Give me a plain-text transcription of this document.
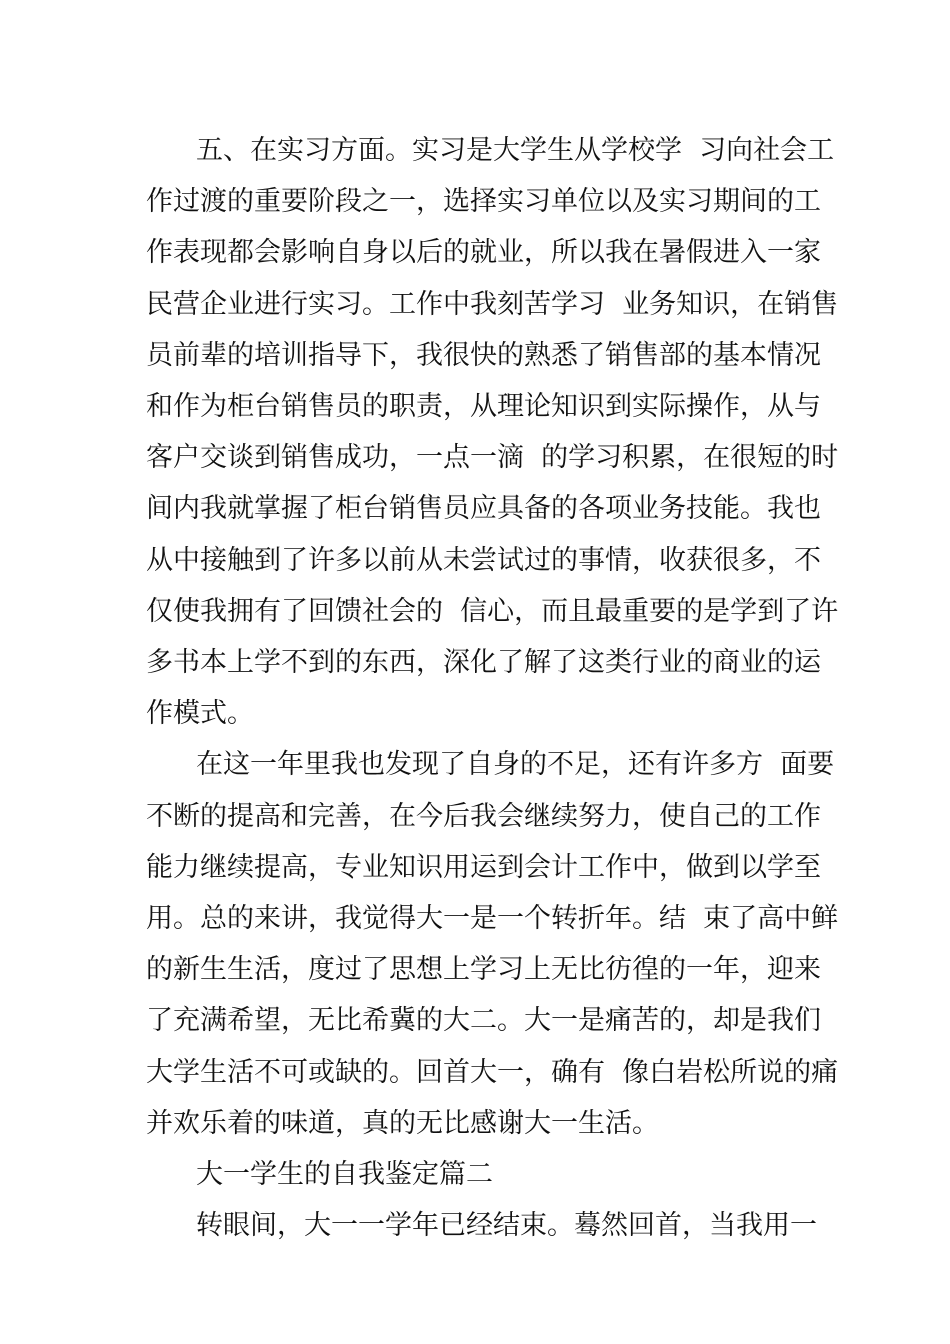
五、在实习方面。实习是大学生从学校学  习向社会工
作过渡的重要阶段之一，选择实习单位以及实习期间的工
作表现都会影响自身以后的就业，所以我在暑假进入一家
民营企业进行实习。工作中我刻苦学习  业务知识，在销售
员前辈的培训指导下，我很快的熟悉了销售部的基本情况
和作为柜台销售员的职责，从理论知识到实际操作，从与
客户交谈到销售成功，一点一滴  的学习积累，在很短的时
间内我就掌握了柜台销售员应具备的各项业务技能。我也
从中接触到了许多以前从未尝试过的事情，收获很多，不
仅使我拥有了回馈社会的  信心，而且最重要的是学到了许
多书本上学不到的东西，深化了解了这类行业的商业的运
作模式。
在这一年里我也发现了自身的不足，还有许多方  面要
不断的提高和完善，在今后我会继续努力，使自己的工作
能力继续提高，专业知识用运到会计工作中，做到以学至
用。总的来讲，我觉得大一是一个转折年。结  束了高中鲜
的新生生活，度过了思想上学习上无比彷徨的一年，迎来
了充满希望，无比希冀的大二。大一是痛苦的，却是我们
大学生活不可或缺的。回首大一，确有  像白岩松所说的痛
并欢乐着的味道，真的无比感谢大一生活。
大一学生的自我鉴定篇二
转眼间，大一一学年已经结束。蓦然回首，当我用一
